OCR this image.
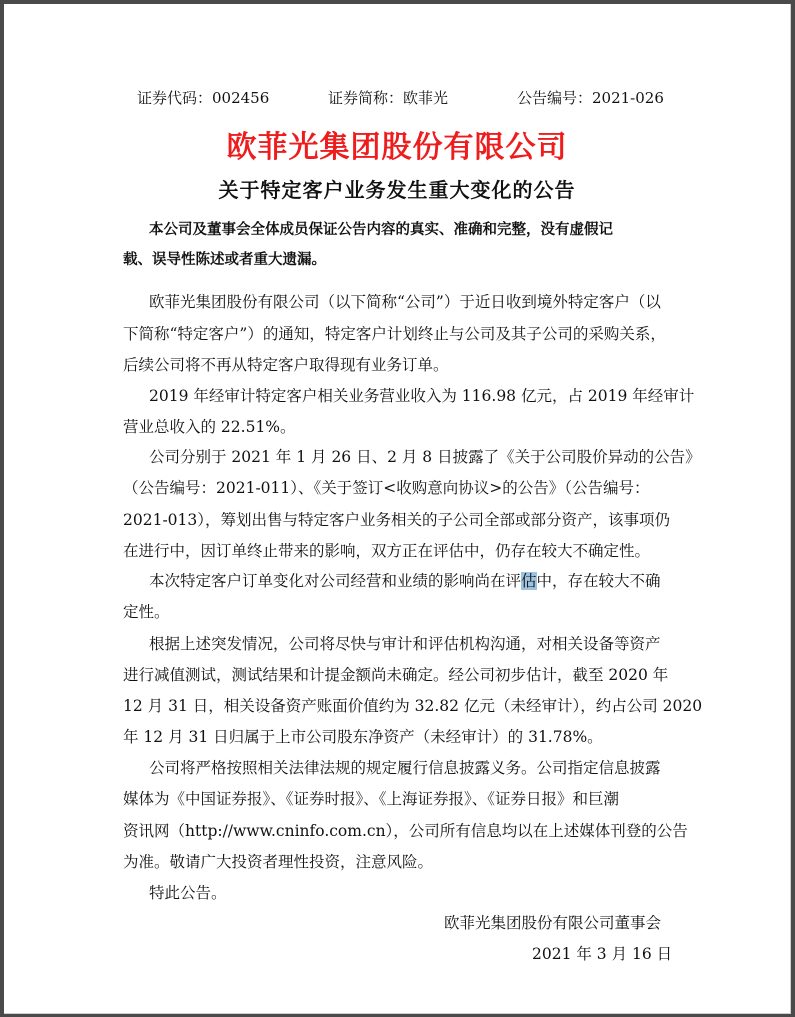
证券代码：002456	证券简称：欧菲光	公告编号：2021-026
欧菲光集团股份有限公司
关于特定客户业务发生重大变化的公告
本公司及董事会全体成员保证公告内容的真实、准确和完整，没有虚假记
载、误导性陈述或者重大遗漏。
欧菲光集团股份有限公司（以下简称“公司”）于近日收到境外特定客户（以
下简称“特定客户”）的通知，特定客户计划终止与公司及其子公司的采购关系，
后续公司将不再从特定客户取得现有业务订单。
2019 年经审计特定客户相关业务营业收入为 116.98 亿元，占 2019 年经审计
营业总收入的 22.51%。
公司分别于 2021 年 1 月 26 日、2 月 8 日披露了《关于公司股价异动的公告》
（公告编号：2021-011）、《关于签订<收购意向协议>的公告》（公告编号：
2021-013），筹划出售与特定客户业务相关的子公司全部或部分资产，该事项仍
在进行中，因订单终止带来的影响，双方正在评估中，仍存在较大不确定性。
本次特定客户订单变化对公司经营和业绩的影响尚在评估中，存在较大不确
定性。
根据上述突发情况，公司将尽快与审计和评估机构沟通，对相关设备等资产
进行减值测试，测试结果和计提金额尚未确定。经公司初步估计，截至 2020 年
12 月 31 日，相关设备资产账面价值约为 32.82 亿元（未经审计），约占公司 2020
年 12 月 31 日归属于上市公司股东净资产（未经审计）的 31.78%。
公司将严格按照相关法律法规的规定履行信息披露义务。公司指定信息披露
媒体为《中国证券报》、《证券时报》、《上海证券报》、《证券日报》和巨潮
资讯网（http://www.cninfo.com.cn），公司所有信息均以在上述媒体刊登的公告
为准。敬请广大投资者理性投资，注意风险。
特此公告。
欧菲光集团股份有限公司董事会
2021 年 3 月 16 日
